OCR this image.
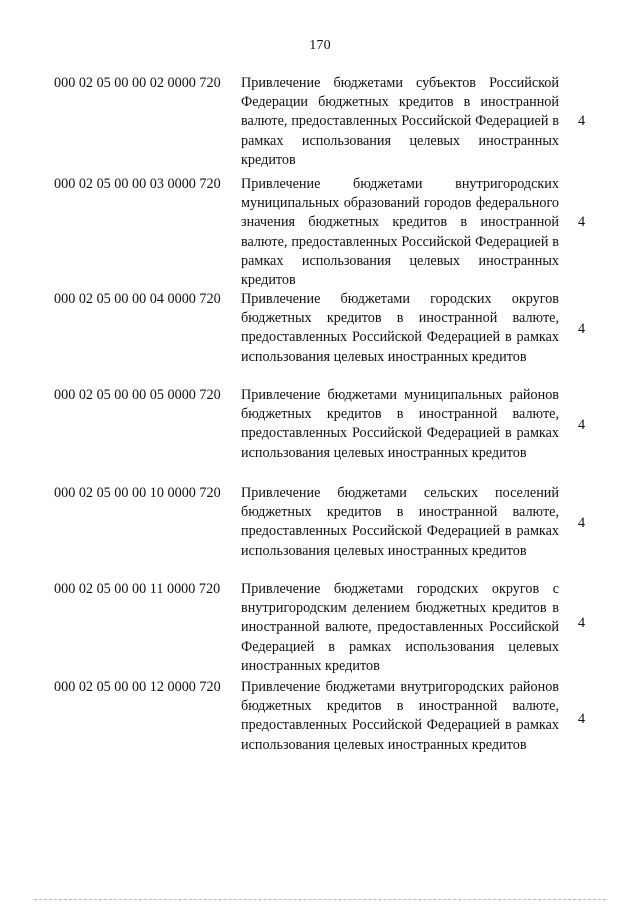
170
000 02 05 00 00 02 0000 720 Привлечение бюджетами субъектов Российской Федерации бюджетных кредитов в иностранной валюте, предоставленных Российской Федерацией в рамках использования целевых иностранных кредитов
4
000 02 05 00 00 03 0000 720 Привлечение бюджетами внутригородских муниципальных образований городов федерального значения бюджетных кредитов в иностранной валюте, предоставленных Российской Федерацией в рамках использования целевых иностранных кредитов
4
000 02 05 00 00 04 0000 720 Привлечение бюджетами городских округов бюджетных кредитов в иностранной валюте, предоставленных Российской Федерацией в рамках использования целевых иностранных кредитов
4
000 02 05 00 00 05 0000 720 Привлечение бюджетами муниципальных районов бюджетных кредитов в иностранной валюте, предоставленных Российской Федерацией в рамках использования целевых иностранных кредитов
4
000 02 05 00 00 10 0000 720 Привлечение бюджетами сельских поселений бюджетных кредитов в иностранной валюте, предоставленных Российской Федерацией в рамках использования целевых иностранных кредитов
4
000 02 05 00 00 11 0000 720 Привлечение бюджетами городских округов с внутригородским делением бюджетных кредитов в иностранной валюте, предоставленных Российской Федерацией в рамках использования целевых иностранных кредитов
4
000 02 05 00 00 12 0000 720 Привлечение бюджетами внутригородских районов бюджетных кредитов в иностранной валюте, предоставленных Российской Федерацией в рамках использования целевых иностранных кредитов
4
